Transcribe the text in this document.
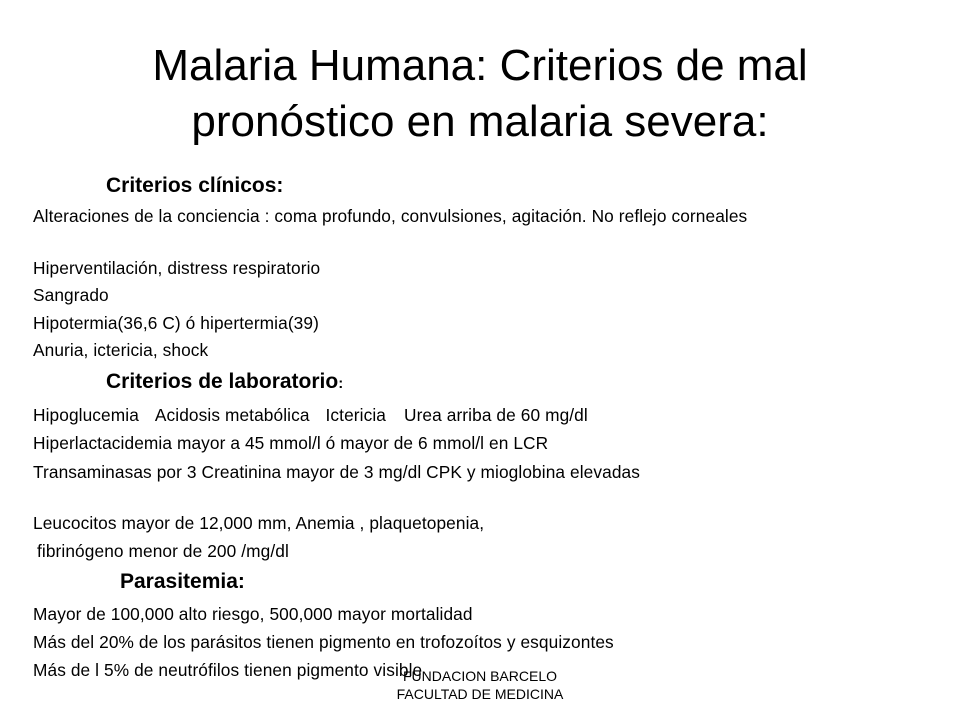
Malaria Humana: Criterios de mal
pronóstico en malaria severa:
Criterios clínicos:
Alteraciones de la conciencia : coma profundo, convulsiones, agitación. No reflejo corneales
Hiperventilación, distress respiratorio
Sangrado
Hipotermia(36,6 C) ó hipertermia(39)
Anuria, ictericia, shock
Criterios de laboratorio:
Hipoglucemia Acidosis metabólica Ictericia Urea arriba de 60 mg/dl
Hiperlactacidemia mayor a 45 mmol/l ó mayor de 6 mmol/l en LCR
Transaminasas por 3 Creatinina mayor de 3 mg/dl CPK y mioglobina elevadas
Leucocitos mayor de 12,000 mm, Anemia , plaquetopenia,
fibrinógeno menor de 200 /mg/dl
Parasitemia:
Mayor de 100,000 alto riesgo, 500,000 mayor mortalidad
Más del 20% de los parásitos tienen pigmento en trofozoítos y esquizontes
Más de l 5% de neutrófilos tienen pigmento visible
FUNDACION BARCELO
FACULTAD DE MEDICINA
